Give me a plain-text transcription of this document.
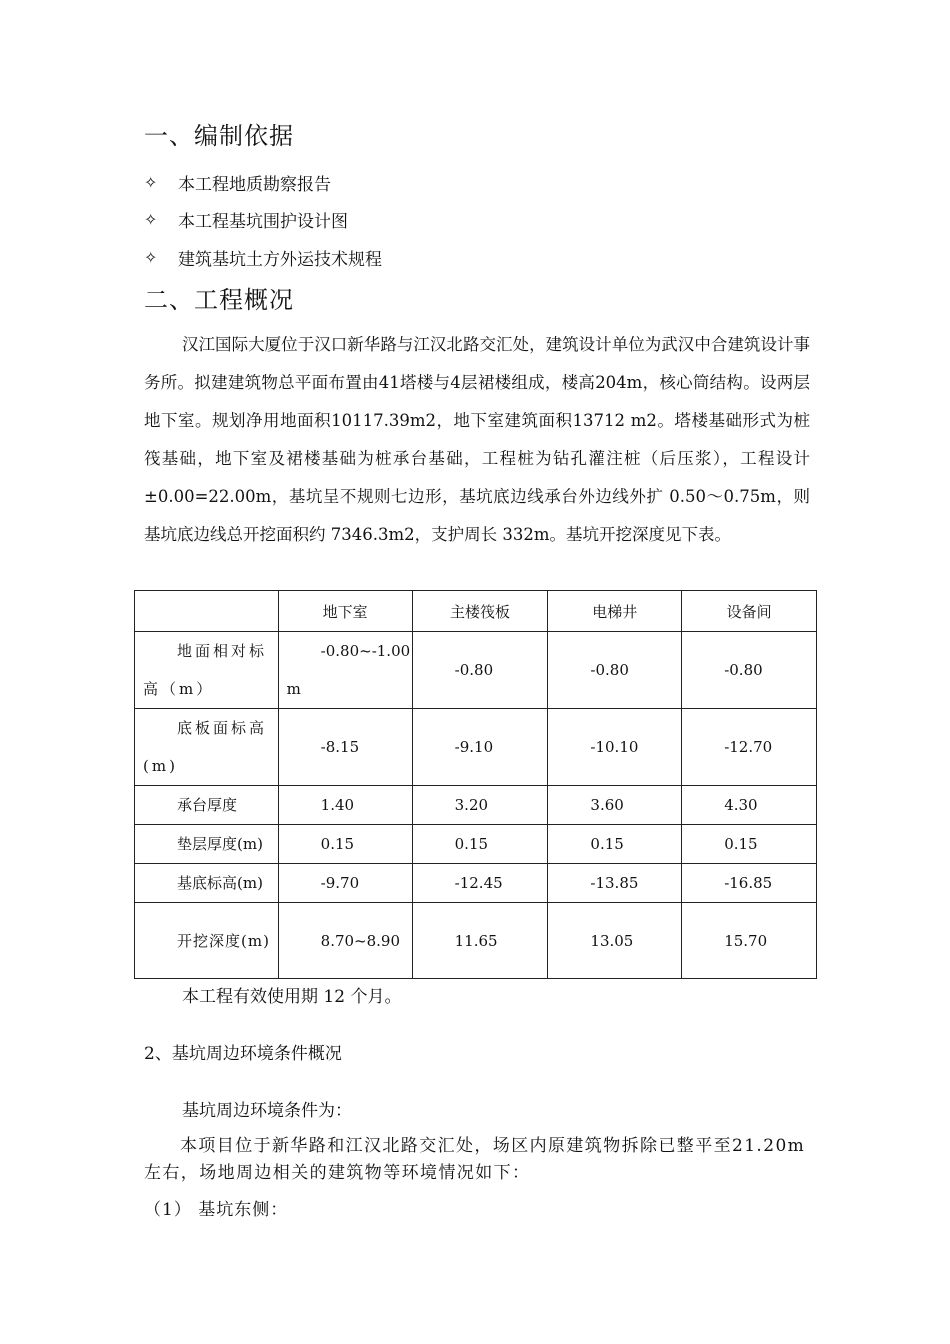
一、编制依据
✧	本工程地质勘察报告
✧	本工程基坑围护设计图
✧	建筑基坑土方外运技术规程
二、工程概况

汉江国际大厦位于汉口新华路与江汉北路交汇处，建筑设计单位为武汉中合建筑设计事务所。拟建建筑物总平面布置由41塔楼与4层裙楼组成，楼高204m，核心筒结构。设两层地下室。规划净用地面积10117.39m2，地下室建筑面积13712 m2。塔楼基础形式为桩筏基础，地下室及裙楼基础为桩承台基础，工程桩为钻孔灌注桩（后压浆），工程设计±0.00=22.00m，基坑呈不规则七边形，基坑底边线承台外边线外扩 0.50～0.75m，则基坑底边线总开挖面积约 7346.3m2，支护周长 332m。基坑开挖深度见下表。

	地下室	主楼筏板	电梯井	设备间
地面相对标高（m）	-0.80~-1.00 m	-0.80	-0.80	-0.80
底板面标高(m)	-8.15	-9.10	-10.10	-12.70
承台厚度	1.40	3.20	3.60	4.30
垫层厚度(m)	0.15	0.15	0.15	0.15
基底标高(m)	-9.70	-12.45	-13.85	-16.85
开挖深度(m)	8.70~8.90	11.65	13.05	15.70

本工程有效使用期 12 个月。

2、基坑周边环境条件概况

基坑周边环境条件为：

本项目位于新华路和江汉北路交汇处，场区内原建筑物拆除已整平至21.20m左右，场地周边相关的建筑物等环境情况如下：

（1） 基坑东侧：
